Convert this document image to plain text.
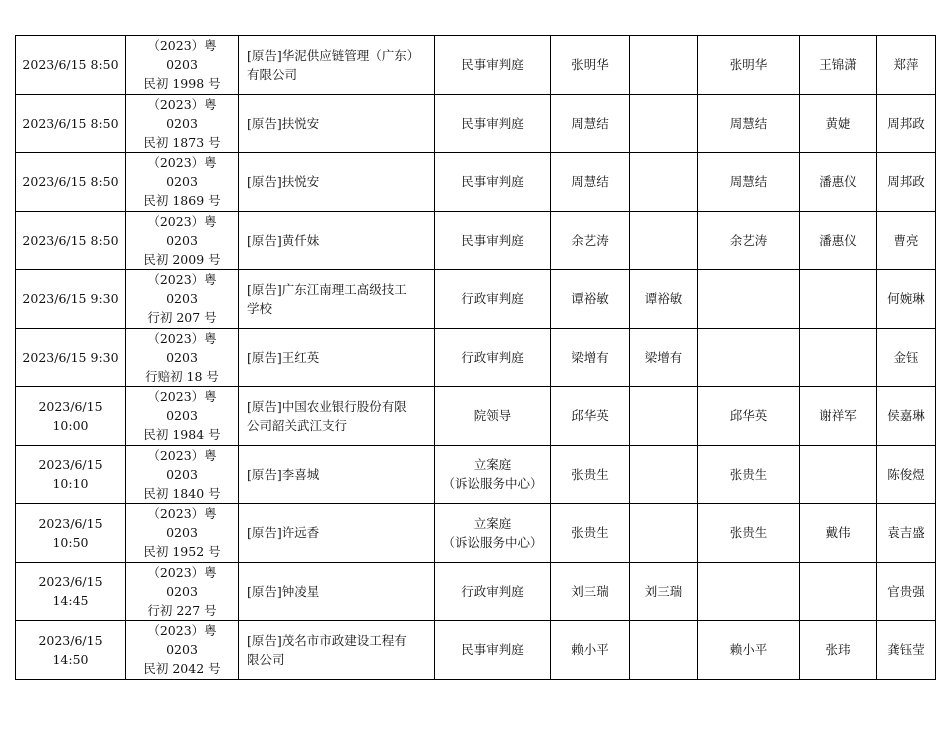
2023/6/15 8:50	（2023）粤 0203
民初 1998 号	[原告]华泥供应链管理（广东）
有限公司	民事审判庭	张明华		张明华	王锦潇	郑萍
2023/6/15 8:50	（2023）粤 0203
民初 1873 号	[原告]扶悦安	民事审判庭	周慧结		周慧结	黄婕	周邦政
2023/6/15 8:50	（2023）粤 0203
民初 1869 号	[原告]扶悦安	民事审判庭	周慧结		周慧结	潘惠仪	周邦政
2023/6/15 8:50	（2023）粤 0203
民初 2009 号	[原告]黄仟妹	民事审判庭	余艺涛		余艺涛	潘惠仪	曹亮
2023/6/15 9:30	（2023）粤 0203
行初 207 号	[原告]广东江南理工高级技工
学校	行政审判庭	谭裕敏	谭裕敏			何婉琳
2023/6/15 9:30	（2023）粤 0203
行赔初 18 号	[原告]王红英	行政审判庭	梁增有	梁增有			金钰
2023/6/15 10:00	（2023）粤 0203
民初 1984 号	[原告]中国农业银行股份有限
公司韶关武江支行	院领导	邱华英		邱华英	谢祥军	侯嘉琳
2023/6/15 10:10	（2023）粤 0203
民初 1840 号	[原告]李喜城	立案庭
（诉讼服务中心）	张贵生		张贵生		陈俊煜
2023/6/15 10:50	（2023）粤 0203
民初 1952 号	[原告]许远香	立案庭
（诉讼服务中心）	张贵生		张贵生	戴伟	袁吉盛
2023/6/15 14:45	（2023）粤 0203
行初 227 号	[原告]钟凌星	行政审判庭	刘三瑞	刘三瑞			官贵强
2023/6/15 14:50	（2023）粤 0203
民初 2042 号	[原告]茂名市市政建设工程有
限公司	民事审判庭	赖小平		赖小平	张玮	龚钰莹
